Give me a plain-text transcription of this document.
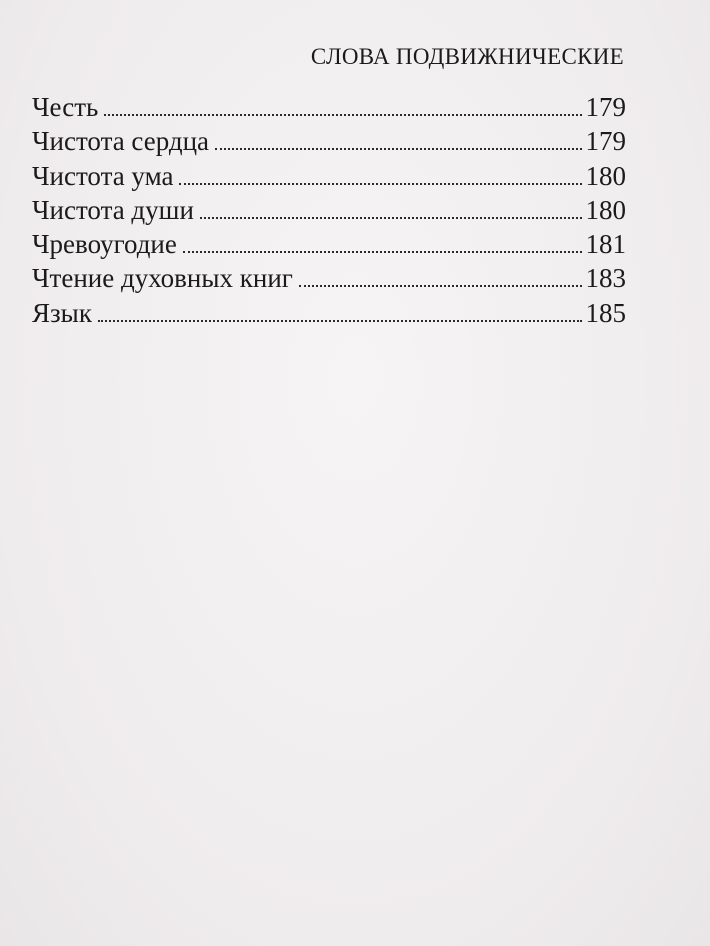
СЛОВА ПОДВИЖНИЧЕСКИЕ
Честь	179
Чистота сердца	179
Чистота ума	180
Чистота души	180
Чревоугодие	181
Чтение духовных книг	183
Язык	185
